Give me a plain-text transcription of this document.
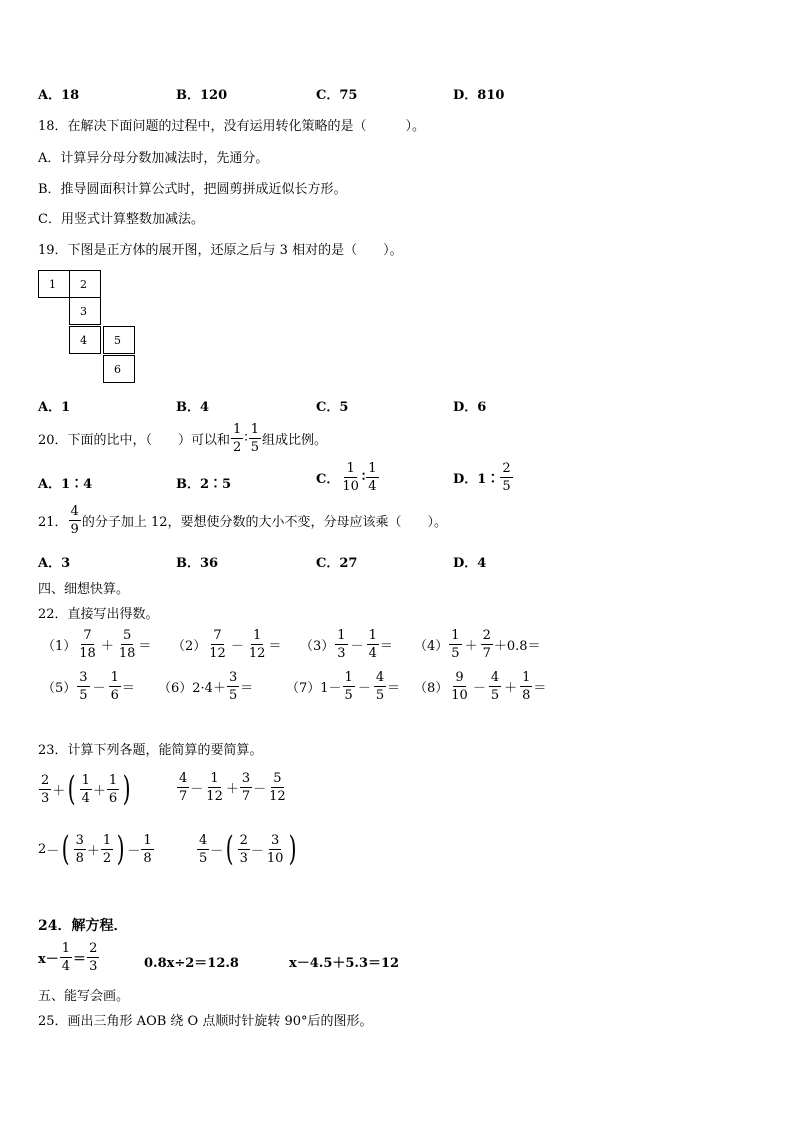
A．18	B．120	C．75	D．810
18．在解决下面问题的过程中，没有运用转化策略的是（　　　）。
A．计算异分母分数加减法时，先通分。
B．推导圆面积计算公式时，把圆剪拼成近似长方形。
C．用竖式计算整数加减法。
19．下图是正方体的展开图，还原之后与 3 相对的是（　　）。
1	2
3
4	5
6
A．1	B．4	C．5	D．6
20．下面的比中，（　　）可以和 $\frac{1}{2}$ ∶ $\frac{1}{5}$ 组成比例。
A．1∶4	B．2∶5	C． $\frac{1}{10}$ ∶ $\frac{1}{4}$	D．1∶ $\frac{2}{5}$
21． $\frac{4}{9}$ 的分子加上 12，要想使分数的大小不变，分母应该乘（　　）。
A．3	B．36	C．27	D．4
四、细想快算。
22．直接写出得数。
$(1) \frac{7}{18} + \frac{5}{18} = (2) \frac{7}{12} - \frac{1}{12} = (3) \frac{1}{3} - \frac{1}{4} = (4) \frac{1}{5} + \frac{2}{7} +0.8=$
$(5) \frac{3}{5} - \frac{1}{6} = (6)2\cdot 4+ \frac{3}{5}$ ＝	$(7)1- \frac{1}{5} - \frac{4}{5} = (8) \frac{9}{10} - \frac{4}{5} + \frac{1}{8}$ ＝
23．计算下列各题，能简算的要简算。
$\frac{2}{3}$ ＋ ( $\frac{1}{4} + \frac{1}{6}$ )	$\frac{4}{7} - \frac{1}{12} + \frac{3}{7} - \frac{5}{12}$
2 － ( $\frac{3}{8} + \frac{1}{2}$ ) － $\frac{1}{8}$	$\frac{4}{5}$ － ( $\frac{2}{3} - \frac{3}{10}$ )
24．解方程．
$x- \frac{1}{4} = \frac{2}{3}$	0.8x÷2＝12.8	x－4.5＋5.3＝12
五、能写会画。
25．画出三角形 AOB 绕 O 点顺时针旋转 90°后的图形。
